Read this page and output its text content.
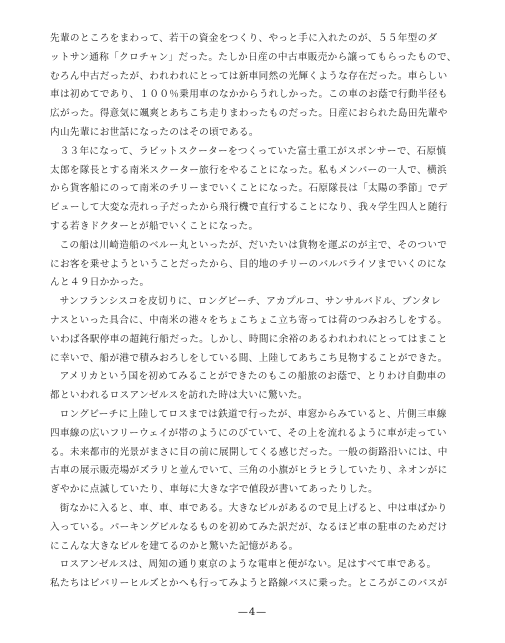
先輩のところをまわって、若干の資金をつくり、やっと手に入れたのが、５５年型のダ
ットサン通称「クロチャン」だった。たしか日産の中古車販売から譲ってもらったもので、
むろん中古だったが、われわれにとっては新車同然の光輝くような存在だった。車らしい
車は初めてであり、１００％乗用車のなかからうれしかった。この車のお蔭で行動半径も
広がった。得意気に颯爽とあちこち走りまわったものだった。日産におられた島田先輩や
内山先輩にお世話になったのはその頃である。

３３年になって、ラビットスクーターをつくっていた富士重工がスポンサーで、石原慎
太郎を隊長とする南米スクーター旅行をやることになった。私もメンバーの一人で、横浜
から貨客船にのって南米のチリーまでいくことになった。石原隊長は「太陽の季節」でデ
ビューして大変な売れっ子だったから飛行機で直行することになり、我々学生四人と随行
する若きドクターとが船でいくことになった。

この船は川崎造船のベルー丸といったが、だいたいは貨物を運ぶのが主で、そのついで
にお客を乗せようということだったから、目的地のチリーのバルパライソまでいくのにな
んと４９日かかった。

サンフランシスコを皮切りに、ロングビーチ、アカプルコ、サンサルバドル、ブンタレ
ナスといった具合に、中南米の港々をちょこちょこ立ち寄っては荷のつみおろしをする。
いわば各駅停車の超鈍行船だった。しかし、時間に余裕のあるわれわれにとってはまこと
に幸いで、船が港で積みおろしをしている間、上陸してあちこち見物することができた。

アメリカという国を初めてみることができたのもこの船旅のお蔭で、とりわけ自動車の
都といわれるロスアンゼルスを訪れた時は大いに驚いた。

ロングビーチに上陸してロスまでは鉄道で行ったが、車窓からみていると、片側三車線
四車線の広いフリーウェイが帯のようにのびていて、その上を流れるように車が走ってい
る。未来都市的光景がまさに目の前に展開してくる感じだった。一般の街路沿いには、中
古車の展示販売場がズラリと並んでいて、三角の小旗がヒラヒラしていたり、ネオンがに
ぎやかに点滅していたり、車毎に大きな字で値段が書いてあったりした。

街なかに入ると、車、車、車である。大きなビルがあるので見上げると、中は車ばかり
入っている。パーキングビルなるものを初めてみた訳だが、なるほど車の駐車のためだけ
にこんな大きなビルを建てるのかと驚いた記憶がある。

ロスアンゼルスは、周知の通り東京のような電車と便がない。足はすべて車である。
私たちはビバリーヒルズとかへも行ってみようと路線バスに乗った。ところがこのバスが

—4—
